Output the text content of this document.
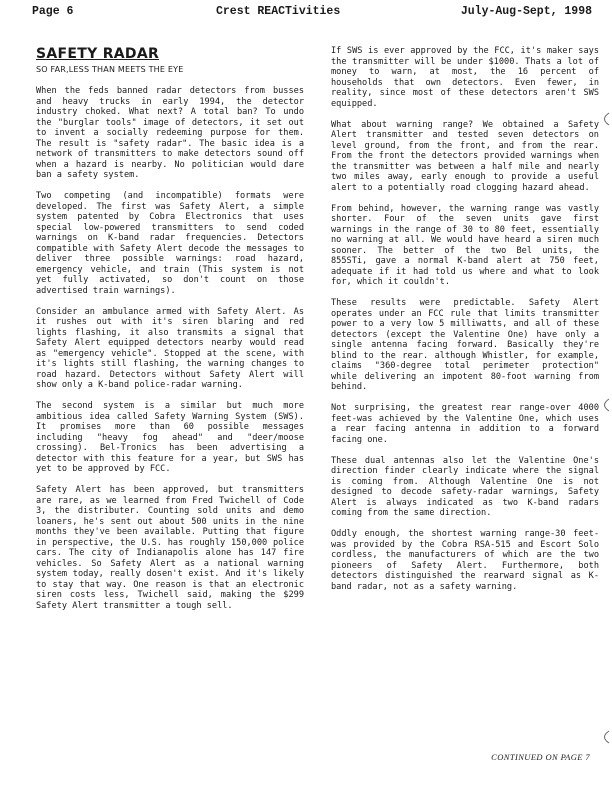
Page 6	Crest REACTivities	July-Aug-Sept, 1998
SAFETY RADAR
SO FAR,LESS THAN MEETS THE EYE

When the feds banned radar detectors from busses and heavy trucks in early 1994, the detector industry choked. What next? A total ban? To undo the "burglar tools" image of detectors, it set out to invent a socially redeeming purpose for them. The result is "safety radar". The basic idea is a network of transmitters to make detectors sound off when a hazard is nearby. No politician would dare ban a safety system.

Two competing (and incompatible) formats were developed. The first was Safety Alert, a simple system patented by Cobra Electronics that uses special low-powered transmitters to send coded warnings on K-band radar frequencies. Detectors compatible with Safety Alert decode the messages to deliver three possible warnings: road hazard, emergency vehicle, and train (This system is not yet fully activated, so don't count on those advertised train warnings).

Consider an ambulance armed with Safety Alert. As it rushes out with it's siren blaring and red lights flashing, it also transmits a signal that Safety Alert equipped detectors nearby would read as "emergency vehicle". Stopped at the scene, with it's lights still flashing, the warning changes to road hazard. Detectors without Safety Alert will show only a K-band police-radar warning.

The second system is a similar but much more ambitious idea called Safety Warning System (SWS). It promises more than 60 possible messages including "heavy fog ahead" and "deer/moose crossing). Bel-Tronics has been advertising a detector with this feature for a year, but SWS has yet to be approved by FCC.

Safety Alert has been approved, but transmitters are rare, as we learned from Fred Twichell of Code 3, the distributer. Counting sold units and demo loaners, he's sent out about 500 units in the nine months they've been available. Putting that figure in perspective, the U.S. has roughly 150,000 police cars. The city of Indianapolis alone has 147 fire vehicles. So Safety Alert as a national warning system today, really dosen't exist. And it's likely to stay that way. One reason is that an electronic siren costs less, Twichell said, making the $299 Safety Alert transmitter a tough sell.

If SWS is ever approved by the FCC, it's maker says the transmitter will be under $1000. Thats a lot of money to warn, at most, the 16 percent of households that own detectors. Even fewer, in reality, since most of these detectors aren't SWS equipped.

What about warning range? We obtained a Safety Alert transmitter and tested seven detectors on level ground, from the front, and from the rear. From the front the detectors provided warnings when the transmitter was between a half mile and nearly two miles away, early enough to provide a useful alert to a potentially road clogging hazard ahead.

From behind, however, the warning range was vastly shorter. Four of the seven units gave first warnings in the range of 30 to 80 feet, essentially no warning at all. We would have heard a siren much sooner. The better of the two Bel units, the 855STi, gave a normal K-band alert at 750 feet, adequate if it had told us where and what to look for, which it couldn't.

These results were predictable. Safety Alert operates under an FCC rule that limits transmitter power to a very low 5 milliwatts, and all of these detectors (except the Valentine One) have only a single antenna facing forward. Basically they're blind to the rear. although Whistler, for example, claims "360-degree total perimeter protection" while delivering an impotent 80-foot warning from behind.

Not surprising, the greatest rear range-over 4000 feet-was achieved by the Valentine One, which uses a rear facing antenna in addition to a forward facing one.

These dual antennas also let the Valentine One's direction finder clearly indicate where the signal is coming from. Although Valentine One is not designed to decode safety-radar warnings, Safety Alert is always indicated as two K-band radars coming from the same direction.

Oddly enough, the shortest warning range-30 feet-was provided by the Cobra RSA-515 and Escort Solo cordless, the manufacturers of which are the two pioneers of Safety Alert. Furthermore, both detectors distinguished the rearward signal as K-band radar, not as a safety warning.

CONTINUED ON PAGE 7
